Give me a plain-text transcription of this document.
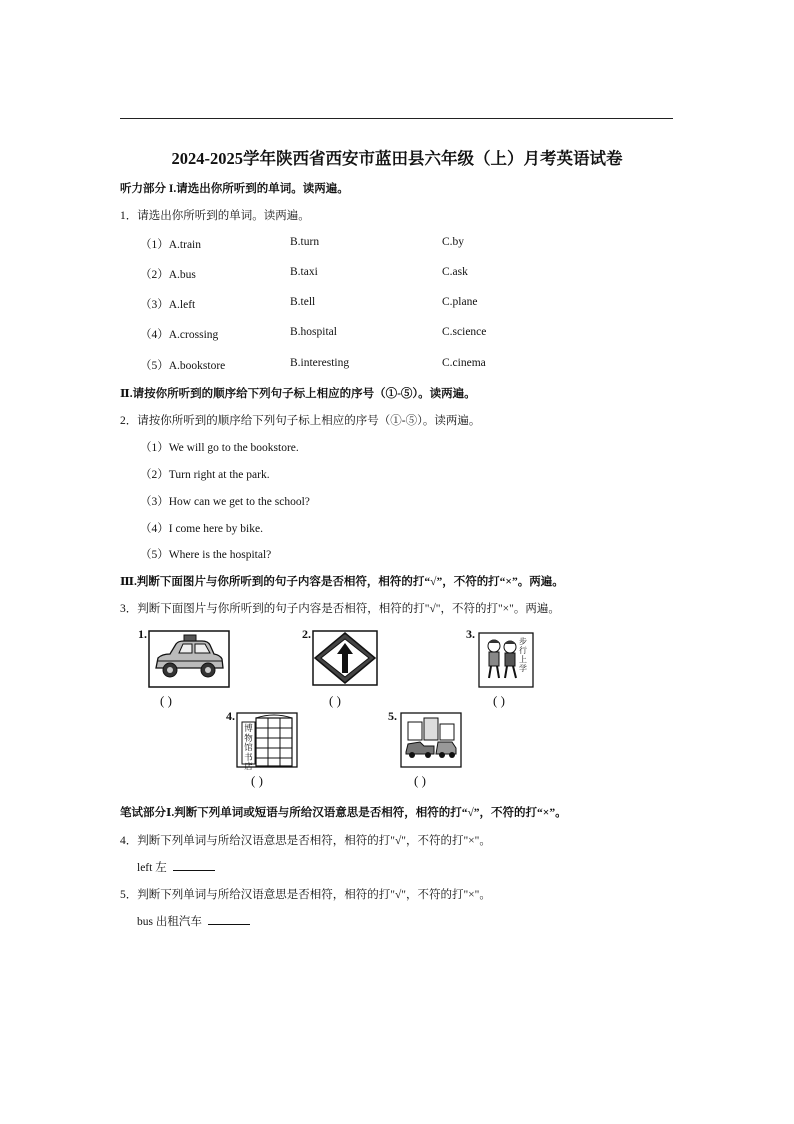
2024-2025学年陕西省西安市蓝田县六年级（上）月考英语试卷
听力部分 I.请选出你所听到的单词。读两遍。
1．请选出你所听到的单词。读两遍。
（1）A.train	B.turn	C.by
（2）A.bus	B.taxi	C.ask
（3）A.left	B.tell	C.plane
（4）A.crossing	B.hospital	C.science
（5）A.bookstore	B.interesting	C.cinema
Ⅱ.请按你所听到的顺序给下列句子标上相应的序号（①-⑤）。读两遍。
2．请按你所听到的顺序给下列句子标上相应的序号（①-⑤）。读两遍。
（1）We will go to the bookstore.
（2）Turn right at the park.
（3）How can we get to the school?
（4）I come here by bike.
（5）Where is the hospital?
Ⅲ.判断下面图片与你所听到的句子内容是否相符，相符的打“√”，不符的打“×”。两遍。
3．判断下面图片与你所听到的句子内容是否相符，相符的打"√"，不符的打"×"。两遍。
1.
( )
2.
( )
3.
步行上学
( )
4.
博物馆书店
( )
5.
( )
笔试部分Ⅰ.判断下列单词或短语与所给汉语意思是否相符，相符的打“√”，不符的打“×”。
4．判断下列单词与所给汉语意思是否相符，相符的打"√"，不符的打"×"。
left 左
5．判断下列单词与所给汉语意思是否相符，相符的打"√"，不符的打"×"。
bus 出租汽车
